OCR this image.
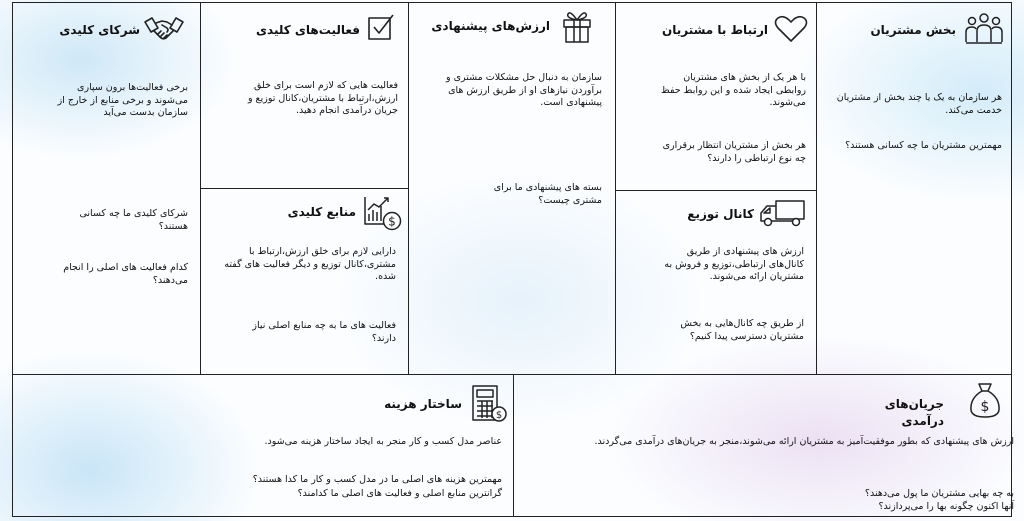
شرکای کلیدی
برخی فعالیت‌ها برون سپاری می‌شوند و برخی منابع از خارج از سازمان بدست می‌آید
شرکای کلیدی ما چه کسانی هستند؟
کدام فعالیت های اصلی را انجام می‌دهند؟
فعالیت‌های کلیدی
فعالیت هایی که لازم است برای خلق ارزش،ارتباط با مشتریان،کانال توزیع و جریان درآمدی انجام دهید.
$
منابع کلیدی
دارایی لازم برای خلق ارزش،ارتباط با مشتری،کانال توزیع و دیگر فعالیت های گفته شده.
فعالیت های ما به چه منابع اصلی نیاز دارند؟
ارزش‌های پیشنهادی
سازمان به دنبال حل مشکلات مشتری و برآوردن نیازهای او از طریق ارزش های پیشنهادی است.
بسته های پیشنهادی ما برای مشتری چیست؟
ارتباط با مشتریان
با هر یک از بخش های مشتریان روابطی ایجاد شده و این روابط حفظ می‌شوند.
هر بخش از مشتریان انتظار برقراری چه نوع ارتباطی را دارند؟
کانال توزیع
ارزش های پیشنهادی از طریق کانال‌های ارتباطی،توزیع و فروش به مشتریان ارائه می‌شوند.
از طریق چه کانال‌هایی به بخش مشتریان دسترسی پیدا کنیم؟
بخش مشتریان
هر سازمان به یک یا چند بخش از مشتریان خدمت می‌کند.
مهمترین مشتریان ما چه کسانی هستند؟
$
ساختار هزینه
عناصر مدل کسب و کار منجر به ایجاد ساختار هزینه می‌شود.
مهمترین هزینه های اصلی ما در مدل کسب و کار ما کدا هستند؟
گرانترین منابع اصلی و فعالیت های اصلی ما کدامند؟
$
جریان‌های درآمدی
ارزش های پیشنهادی که بطور موفقیت‌آمیز به مشتریان ارائه می‌شوند،منجر به جریان‌های درآمدی می‌گردند.
به چه بهایی مشتریان ما پول می‌دهند؟
آنها اکنون چگونه بها را می‌پردازند؟
